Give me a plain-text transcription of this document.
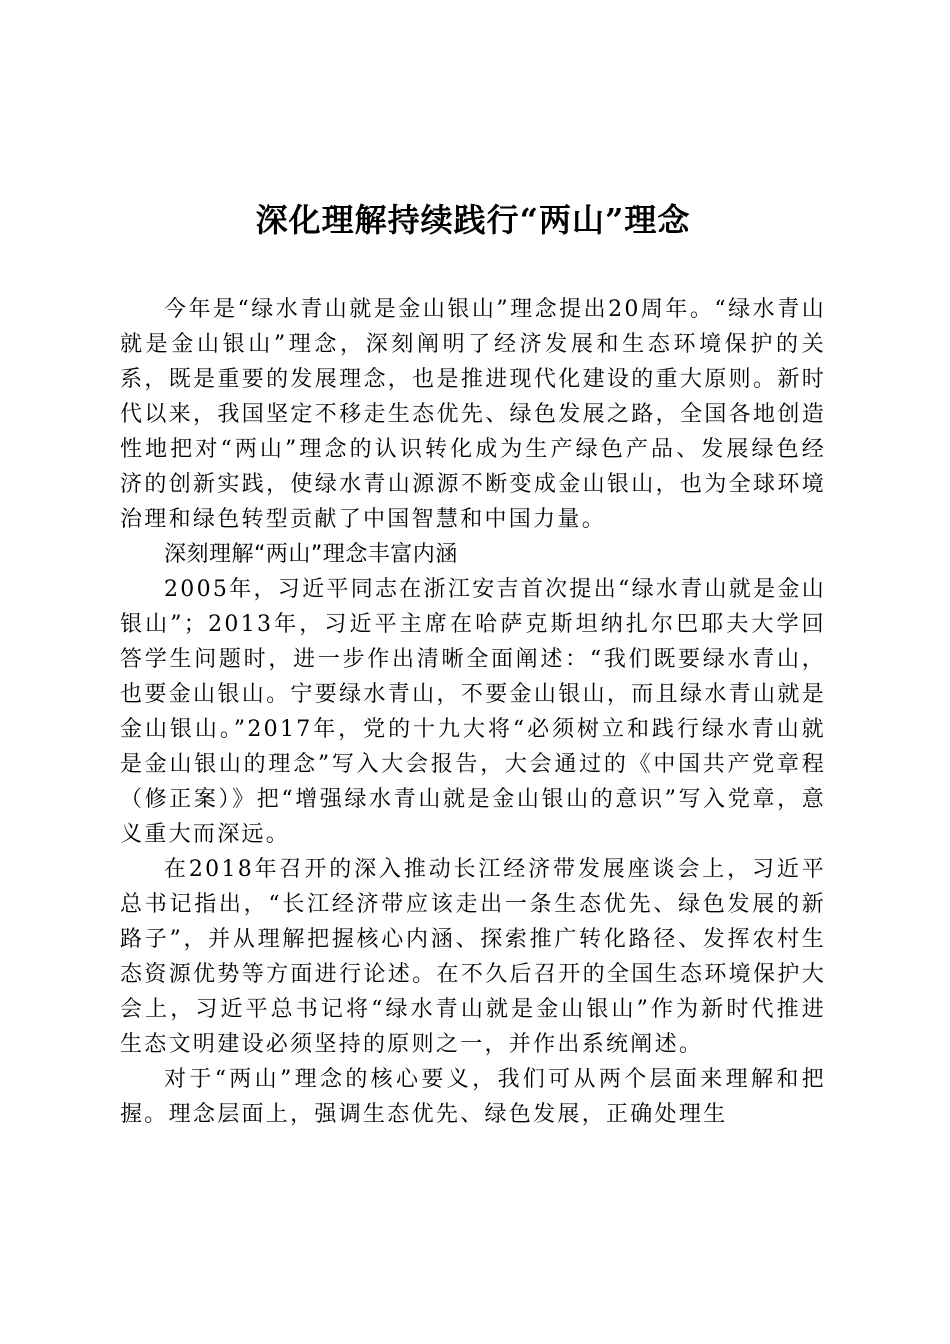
深化理解持续践行“两山”理念

今年是“绿水青山就是金山银山”理念提出20周年。“绿水青山就是金山银山”理念，深刻阐明了经济发展和生态环境保护的关系，既是重要的发展理念，也是推进现代化建设的重大原则。新时代以来，我国坚定不移走生态优先、绿色发展之路，全国各地创造性地把对“两山”理念的认识转化成为生产绿色产品、发展绿色经济的创新实践，使绿水青山源源不断变成金山银山，也为全球环境治理和绿色转型贡献了中国智慧和中国力量。

深刻理解“两山”理念丰富内涵

2005年，习近平同志在浙江安吉首次提出“绿水青山就是金山银山”；2013年，习近平主席在哈萨克斯坦纳扎尔巴耶夫大学回答学生问题时，进一步作出清晰全面阐述：“我们既要绿水青山，也要金山银山。宁要绿水青山，不要金山银山，而且绿水青山就是金山银山。”2017年，党的十九大将“必须树立和践行绿水青山就是金山银山的理念”写入大会报告，大会通过的《中国共产党章程（修正案）》把“增强绿水青山就是金山银山的意识”写入党章，意义重大而深远。

在2018年召开的深入推动长江经济带发展座谈会上，习近平总书记指出，“长江经济带应该走出一条生态优先、绿色发展的新路子”，并从理解把握核心内涵、探索推广转化路径、发挥农村生态资源优势等方面进行论述。在不久后召开的全国生态环境保护大会上，习近平总书记将“绿水青山就是金山银山”作为新时代推进生态文明建设必须坚持的原则之一，并作出系统阐述。

对于“两山”理念的核心要义，我们可从两个层面来理解和把握。理念层面上，强调生态优先、绿色发展，正确处理生
